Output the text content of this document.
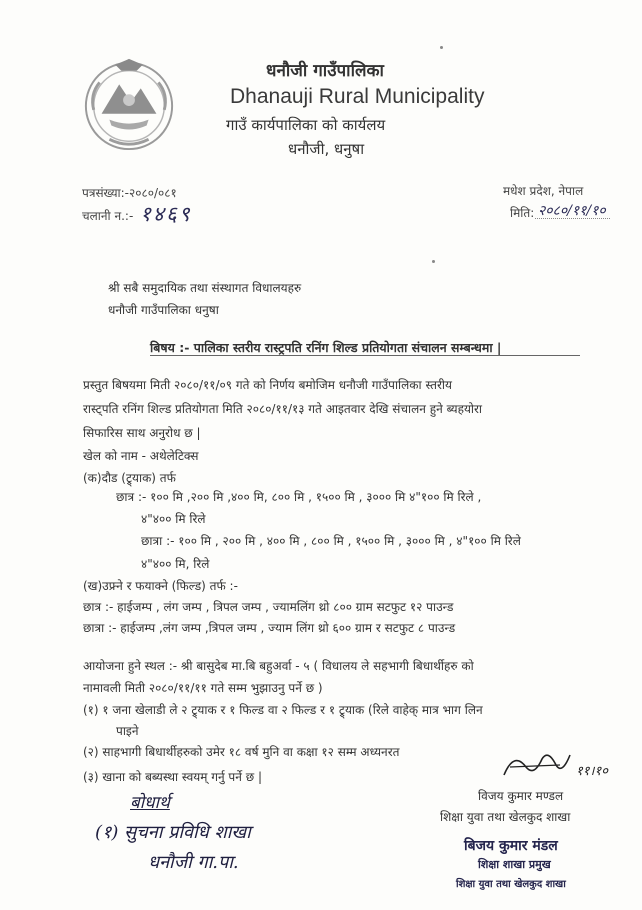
धनौजी गाउँपालिका
Dhanauji Rural Municipality
गाउँ कार्यपालिका को कार्यलय
धनौजी, धनुषा
पत्रसंख्या:-२०८०/०८१
चलानी न.:- १४६९
मधेश प्रदेश, नेपाल
मिति: २०८०/११/१०
श्री सबै समुदायिक तथा संस्थागत विधालयहरु
धनौजी गाउँपालिका धनुषा
बिषय :- पालिका स्तरीय रास्ट्रपति रनिंग शिल्ड प्रतियोगता संचालन सम्बन्धमा |
प्रस्तुत बिषयमा मिती २०८०/११/०९ गते को निर्णय बमोजिम धनौजी गाउँपालिका स्तरीय
रास्ट्पति रनिंग शिल्ड प्रतियोगता मिति २०८०/११/१३ गते आइतवार देखि संचालन हुने ब्यहयोरा
सिफारिस साथ अनुरोध छ |
खेल को नाम - अथेलेटिक्स
(क)दौड (ट्र्याक) तर्फ
छात्र :- १०० मि ,२०० मि ,४०० मि, ८०० मि , १५०० मि , ३००० मि ४"१०० मि रिले ,
४"४०० मि रिले
छात्रा :- १०० मि , २०० मि , ४०० मि , ८०० मि , १५०० मि , ३००० मि , ४"१०० मि रिले
४"४०० मि, रिले
(ख)उफ्र्ने र फयाक्ने (फिल्ड) तर्फ :-
छात्र :- हाईजम्प , लंग जम्प , त्रिपल जम्प , ज्यामलिंग थ्रो ८०० ग्राम सटफुट १२ पाउन्ड
छात्रा :- हाईजम्प ,लंग जम्प ,त्रिपल जम्प , ज्याम लिंग थ्रो ६०० ग्राम र सटफुट ८ पाउन्ड
आयोजना हुने स्थल :- श्री बासुदेब मा.बि बहुअर्वा - ५ ( विधालय ले सहभागी बिधार्थीहरु को
नामावली मिती २०८०/११/११ गते सम्म भुझाउनु पर्ने छ )
(१) १ जना खेलाडी ले २ ट्र्याक र १ फिल्ड वा २ फिल्ड र १ ट्र्याक (रिले वाहेक् मात्र भाग लिन
पाइने
(२) साहभागी बिधार्थीहरुको उमेर १८ वर्ष मुनि वा कक्षा १२ सम्म अध्यनरत
(३) खाना को बब्यस्था स्वयम् गर्नु पर्ने छ |	११।१०
विजय कुमार मण्डल
शिक्षा युवा तथा खेलकुद शाखा
बिजय कुमार मंडल
शिक्षा शाखा प्रमुख
शिक्षा युवा तथा खेलकुद शाखा
बोधार्थ
(१) सुचना प्रविधि शाखा
धनौजी गा.पा.
